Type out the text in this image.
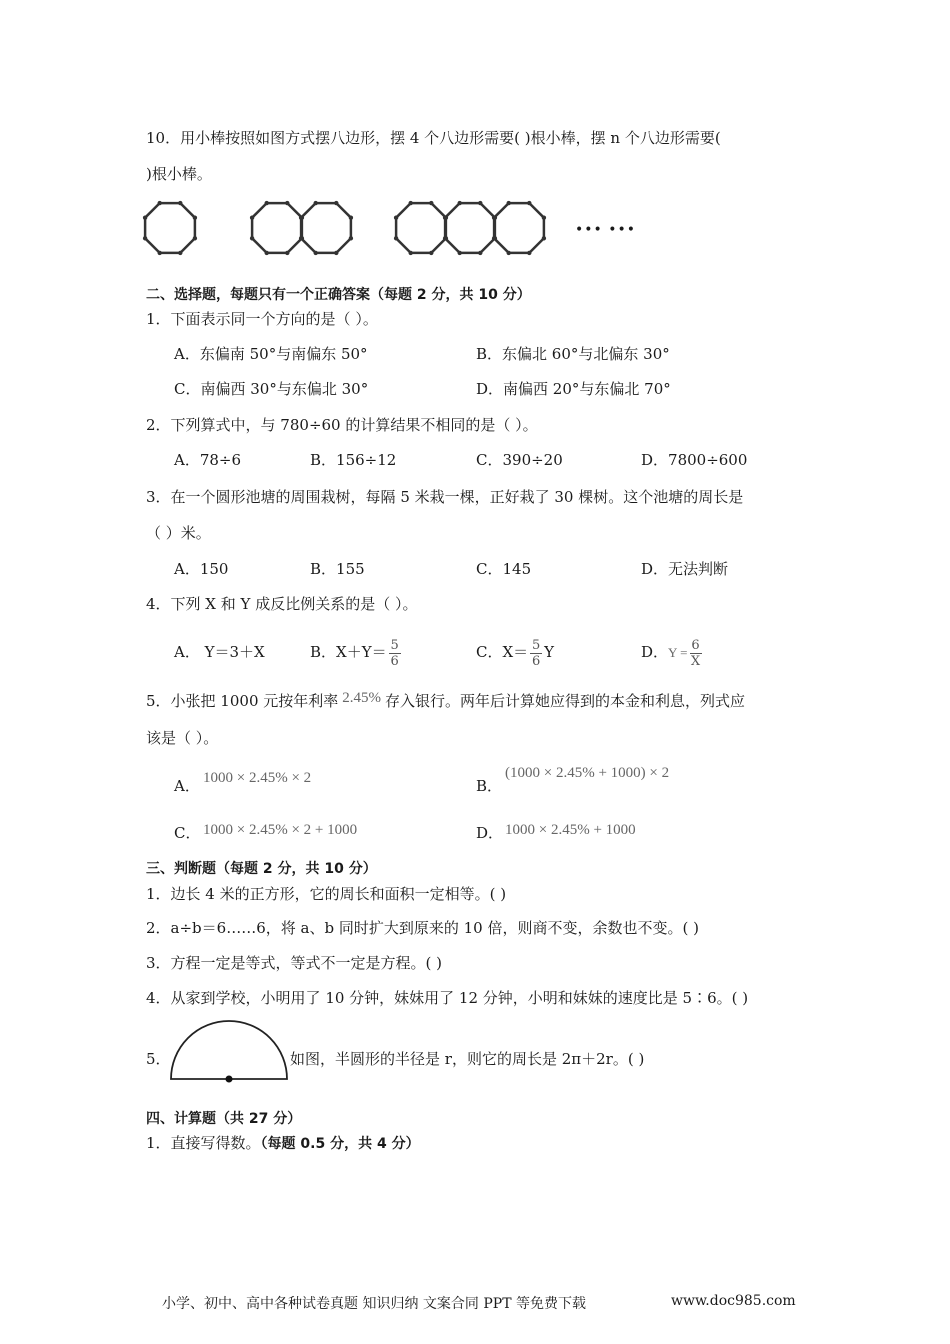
10．用小棒按照如图方式摆八边形，摆 4 个八边形需要( )根小棒，摆 n 个八边形需要(
)根小棒。
••• •••
二、选择题，每题只有一个正确答案（每题 2 分，共 10 分）
1．下面表示同一个方向的是（ ）。
A．东偏南 50°与南偏东 50°	B．东偏北 60°与北偏东 30°
C．南偏西 30°与东偏北 30°	D．南偏西 20°与东偏北 70°
2．下列算式中，与 780÷60 的计算结果不相同的是（ ）。
A．78÷6	B．156÷12	C．390÷20	D．7800÷600
3．在一个圆形池塘的周围栽树，每隔 5 米栽一棵，正好栽了 30 棵树。这个池塘的周长是
（ ）米。
A．150	B．155	C．145	D．无法判断
4．下列 X 和 Y 成反比例关系的是（ ）。
A． Y＝3＋X	B．$X+Y= \frac{5}{6}$	C．$X= \frac{5}{6}$ Y	D．$Y = \frac{6}{X}$
5．小张把 1000 元按年利率 2.45% 存入银行。两年后计算她应得到的本金和利息，列式应
该是（ ）。
A． 1000 × 2.45% × 2	B．
(1000 × 2.45% + 1000) × 2
C． 1000 × 2.45% × 2 + 1000	D． 1000 × 2.45% + 1000
三、判断题（每题 2 分，共 10 分）
1．边长 4 米的正方形，它的周长和面积一定相等。( )
2．a÷b＝6……6，将 a、b 同时扩大到原来的 10 倍，则商不变，余数也不变。( )
3．方程一定是等式，等式不一定是方程。( )
4．从家到学校，小明用了 10 分钟，妹妹用了 12 分钟，小明和妹妹的速度比是 5∶6。( )
5．	如图，半圆形的半径是 r，则它的周长是 2π＋2r。( )
四、计算题（共 27 分）
1．直接写得数。（每题 0.5 分，共 4 分）
小学、初中、高中各种试卷真题 知识归纳 文案合同 PPT 等免费下载	www.doc985.com
